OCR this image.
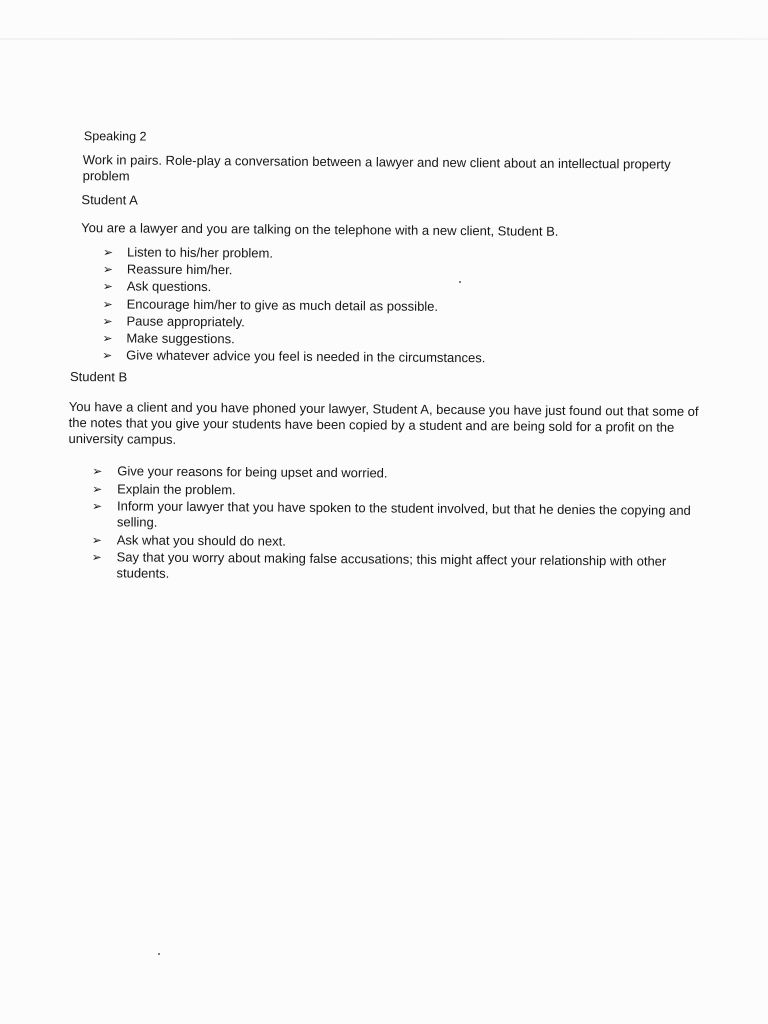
Speaking 2

Work in pairs. Role-play a conversation between a lawyer and new client about an intellectual property problem

Student A

You are a lawyer and you are talking on the telephone with a new client, Student B.

➢ Listen to his/her problem.
➢ Reassure him/her.
➢ Ask questions.
➢ Encourage him/her to give as much detail as possible.
➢ Pause appropriately.
➢ Make suggestions.
➢ Give whatever advice you feel is needed in the circumstances.

Student B

You have a client and you have phoned your lawyer, Student A, because you have just found out that some of the notes that you give your students have been copied by a student and are being sold for a profit on the university campus.

➢ Give your reasons for being upset and worried.
➢ Explain the problem.
➢ Inform your lawyer that you have spoken to the student involved, but that he denies the copying and selling.
➢ Ask what you should do next.
➢ Say that you worry about making false accusations; this might affect your relationship with other students.
